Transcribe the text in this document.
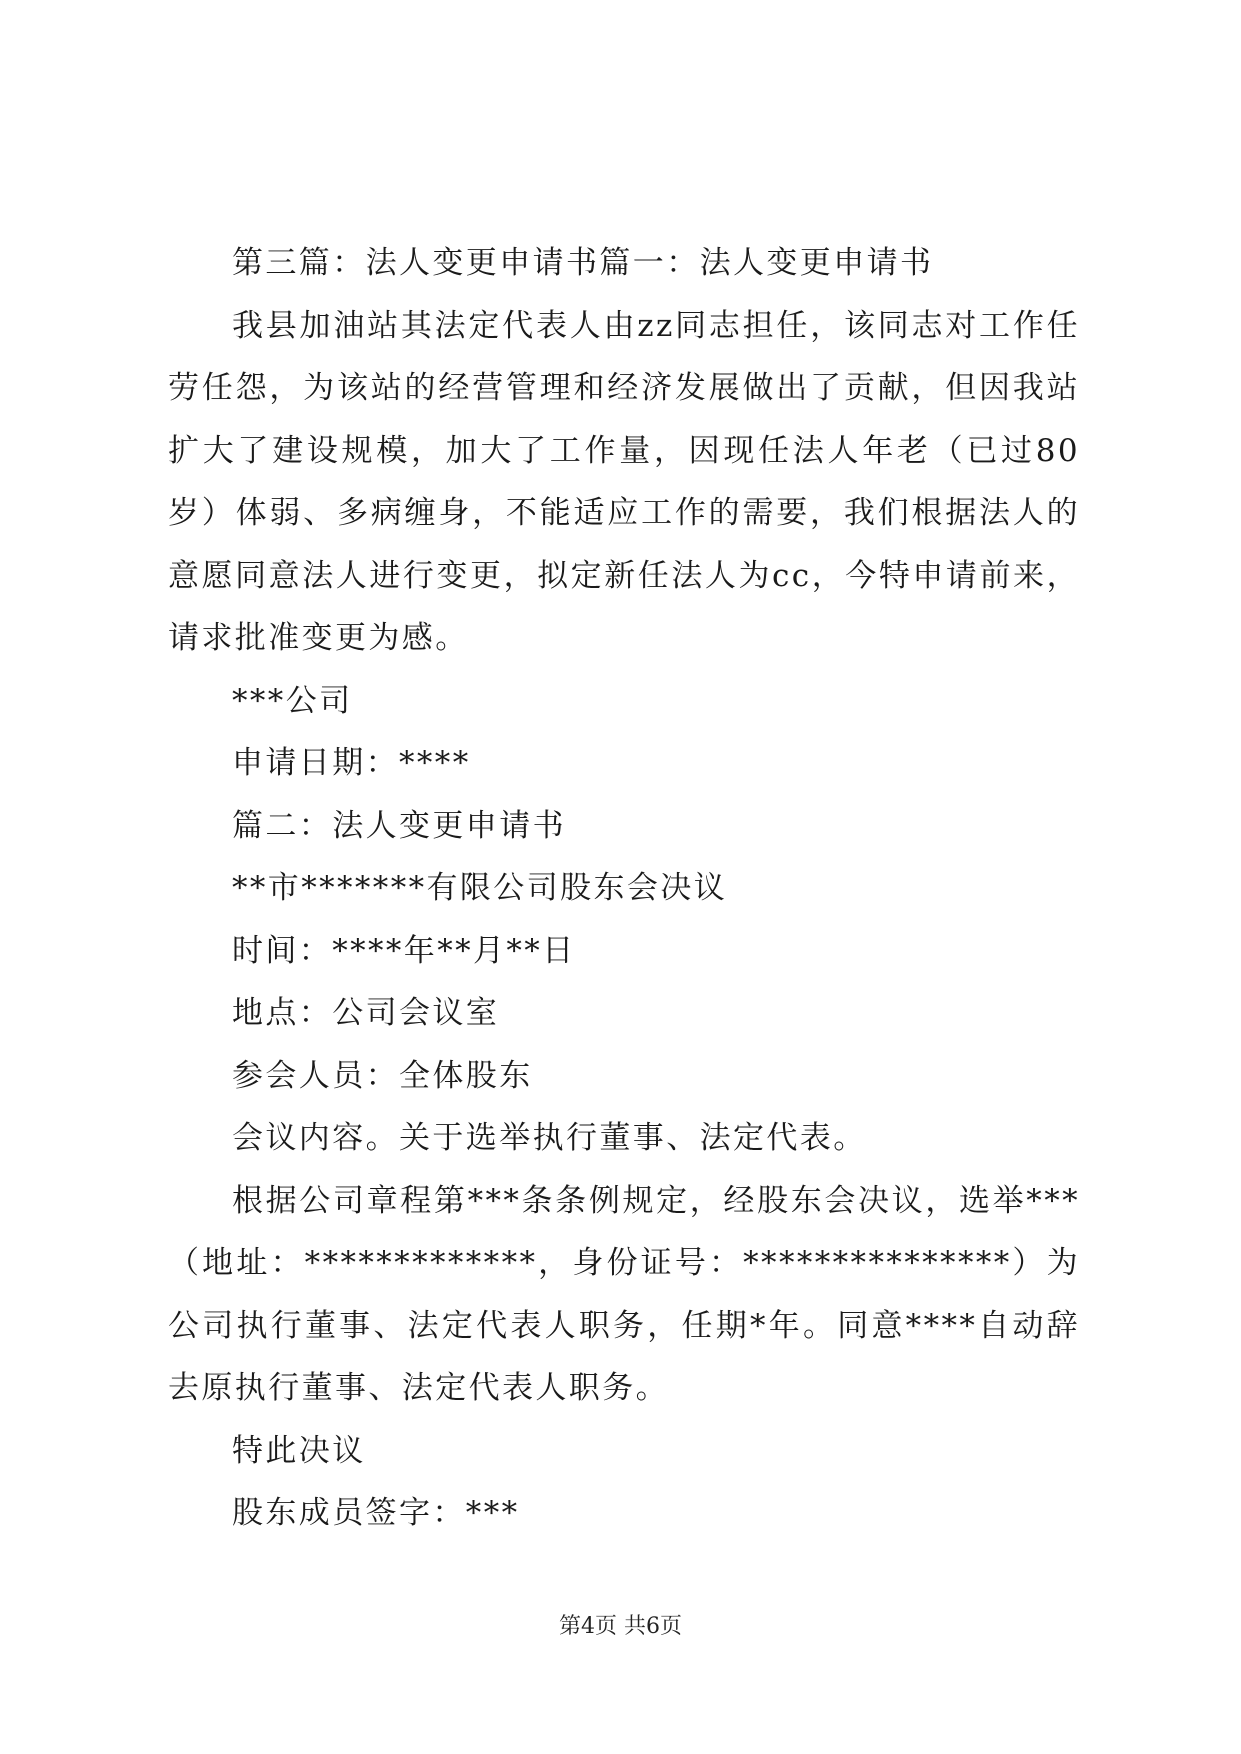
第三篇：法人变更申请书篇一：法人变更申请书

我县加油站其法定代表人由zz同志担任，该同志对工作任劳任怨，为该站的经营管理和经济发展做出了贡献，但因我站扩大了建设规模，加大了工作量，因现任法人年老（已过80岁）体弱、多病缠身，不能适应工作的需要，我们根据法人的意愿同意法人进行变更，拟定新任法人为cc，今特申请前来，请求批准变更为感。

***公司

申请日期：****

篇二：法人变更申请书

**市*******有限公司股东会决议

时间：****年**月**日

地点：公司会议室

参会人员：全体股东

会议内容。关于选举执行董事、法定代表。

根据公司章程第***条条例规定，经股东会决议，选举***（地址：*************，身份证号：***************）为公司执行董事、法定代表人职务，任期*年。同意****自动辞去原执行董事、法定代表人职务。

特此决议

股东成员签字：***

第4页 共6页
